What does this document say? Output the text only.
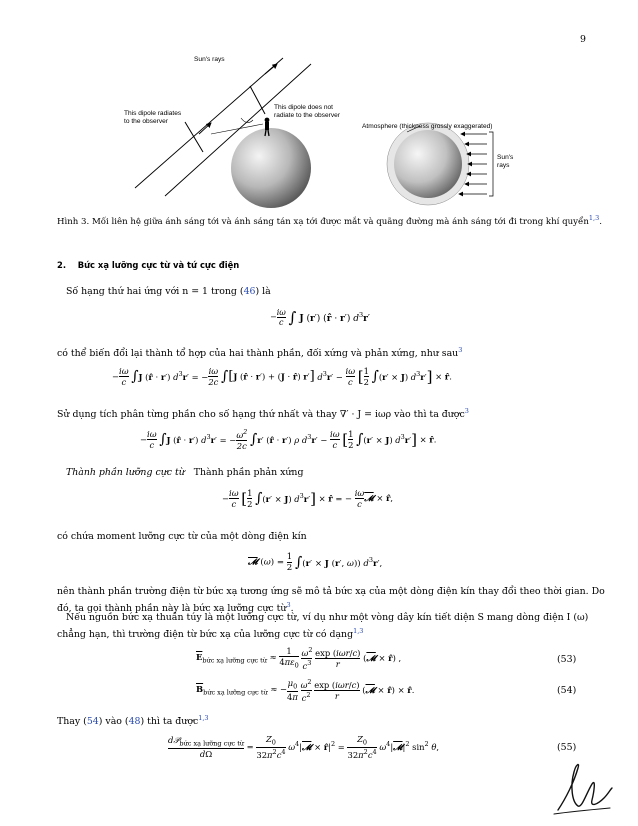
9
Sun's rays
This dipole radiates
to the observer
This dipole does not
radiate to the observer
Atmosphere (thickness grossly exaggerated)
Sun's
rays
Hình 3. Mối liên hệ giữa ánh sáng tới và ánh sáng tán xạ tới được mắt và quãng đường mà ánh sáng tới đi trong khí quyển$^{1,3}$.
2. Bức xạ lưỡng cực từ và tứ cực điện
Số hạng thứ hai ứng với n = 1 trong (46) là
− $\frac{i\omega}{c}$ ∫ J (r′) (r̂ · r′) $d^3r'$
có thể biến đổi lại thành tổ hợp của hai thành phần, đối xứng và phản xứng, như sau$^3$
− $\frac{i\omega}{c} \int J$ (r̂ · r′) $d^3r'$ = − $\frac{i\omega}{2c} \int[J$ (r̂ · r′) + (J · r̂) r′] $d^3r' - \frac{i\omega}{c}$ [ $\frac{1}{2} \int(r' \times J) d^3r'$] × r̂.
Sử dụng tích phân từng phần cho số hạng thứ nhất và thay ∇′ · J = iωρ vào thì ta được$^3$
− $\frac{i\omega}{c} \int J$ (r̂ · r′) $d^3r'$ = − $\frac{\omega^2}{2c} \int r'$ (r̂ · r′) ρ $d^3r' - \frac{i\omega}{c}$ [ $\frac{1}{2} \int(r' \times J) d^3r'$] × r̂.
Thành phần lưỡng cực từ Thành phần phản xứng
− $\frac{i\omega}{c}$ [ $\frac{1}{2} \int(r' \times J) d^3r'$] × r̂ = − $\frac{i\omega}{c}$ 𝓜 × r̂,
có chứa moment lưỡng cực từ của một dòng điện kín
𝓜 $(\omega) = \frac{1}{2} \int(r' \times J$ (r′, ω)) $d^3r'$,
nên thành phần trường điện từ bức xạ tương ứng sẽ mô tả bức xạ của một dòng điện kín thay đổi theo thời gian. Do
đó, ta gọi thành phần này là bức xạ lưỡng cực từ$^3$.
Nếu nguồn bức xạ thuần túy là một lưỡng cực từ, ví dụ như một vòng dây kín tiết diện S mang dòng điện I (ω)
chẳng hạn, thì trường điện từ bức xạ của lưỡng cực từ có dạng$^{1,3}$
$\overline{E}_{bức xạ lưỡng cực từ} \approx \frac{1}{4\pi\varepsilon_0}$
$\frac{\omega^2}{c^3}$
exp (iωr/c)
r
(𝓜 × r̂) ,	(53)
$\overline{B}_{bức xạ lưỡng cực từ}$ ≈ − $\frac{\mu_0}{4\pi}$
$\frac{\omega^2}{c^2}$
exp (iωr/c)
r
(𝓜 × r̂) × r̂.	(54)
Thay (54) vào (48) thì ta được$^{1,3}$
d𝒫$_{bức xạ lưỡng cực từ}$
dΩ
= $\frac{Z_0}{32\pi^2c^4}$ $\omega^4|𝓜$ × $r̂|^2 = \frac{Z_0}{32\pi^2c^4}$ $\omega^4|𝓜|^2$ $\sin^2 \theta$,	(55)
